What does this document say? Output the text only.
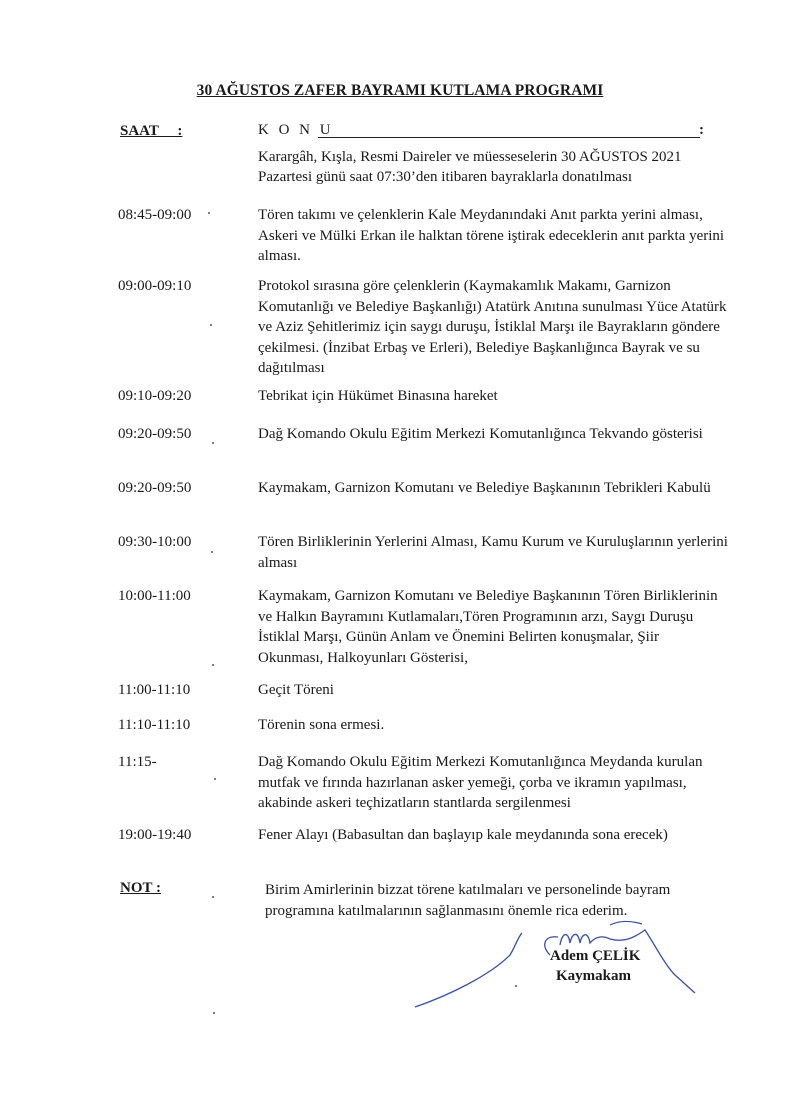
30 AĞUSTOS ZAFER BAYRAMI KUTLAMA PROGRAMI
SAAT     :	K O N U	:
Karargâh, Kışla, Resmi Daireler ve müesseselerin 30 AĞUSTOS 2021 Pazartesi günü saat 07:30’den itibaren bayraklarla donatılması
08:45-09:00	Tören takımı ve çelenklerin Kale Meydanındaki Anıt parkta yerini alması, Askeri ve Mülki Erkan ile halktan törene iştirak edeceklerin anıt parkta yerini alması.
09:00-09:10	Protokol sırasına göre çelenklerin (Kaymakamlık Makamı, Garnizon Komutanlığı ve Belediye Başkanlığı) Atatürk Anıtına sunulması Yüce Atatürk ve Aziz Şehitlerimiz için saygı duruşu, İstiklal Marşı ile Bayrakların göndere çekilmesi. (İnzibat Erbaş ve Erleri), Belediye Başkanlığınca Bayrak ve su dağıtılması
09:10-09:20	Tebrikat için Hükümet Binasına hareket
09:20-09:50	Dağ Komando Okulu Eğitim Merkezi Komutanlığınca Tekvando gösterisi
09:20-09:50	Kaymakam, Garnizon Komutanı ve Belediye Başkanının Tebrikleri Kabulü
09:30-10:00	Tören Birliklerinin Yerlerini Alması, Kamu Kurum ve Kuruluşlarının yerlerini alması
10:00-11:00	Kaymakam, Garnizon Komutanı ve Belediye Başkanının Tören Birliklerinin ve Halkın Bayramını Kutlamaları,Tören Programının arzı, Saygı Duruşu İstiklal Marşı, Günün Anlam ve Önemini Belirten konuşmalar, Şiir Okunması, Halkoyunları Gösterisi,
11:00-11:10	Geçit Töreni
11:10-11:10	Törenin sona ermesi.
11:15-	Dağ Komando Okulu Eğitim Merkezi Komutanlığınca Meydanda kurulan mutfak ve fırında hazırlanan asker yemeği, çorba ve ikramın yapılması, akabinde askeri teçhizatların stantlarda sergilenmesi
19:00-19:40	Fener Alayı (Babasultan dan başlayıp kale meydanında sona erecek)
NOT :	Birim Amirlerinin bizzat törene katılmaları ve personelinde bayram programına katılmalarının sağlanmasını önemle rica ederim.
Adem ÇELİK
Kaymakam
